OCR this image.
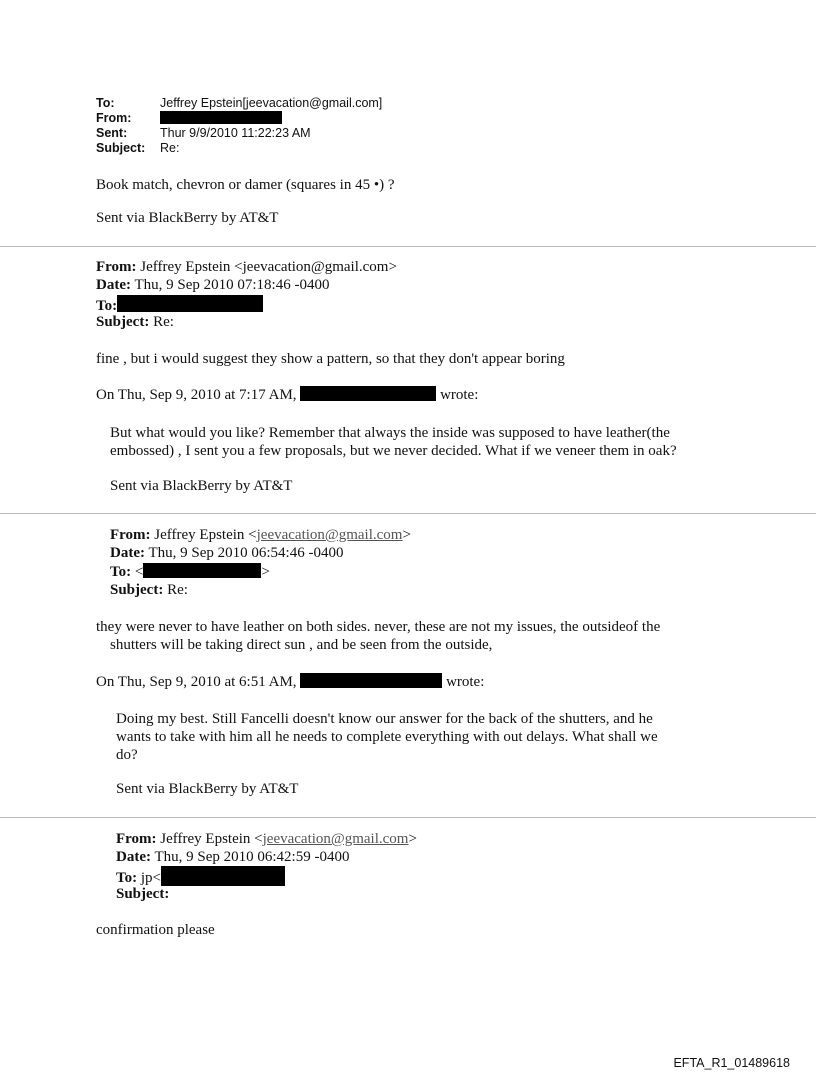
To:	Jeffrey Epstein[jeevacation@gmail.com]
From:
Sent:	Thur 9/9/2010 11:22:23 AM
Subject:	Re:
Book match, chevron or damer (squares in 45 •) ?
Sent via BlackBerry by AT&T
From: Jeffrey Epstein <jeevacation@gmail.com>
Date: Thu, 9 Sep 2010 07:18:46 -0400
To:
Subject: Re:
fine , but i would suggest they show a pattern, so that they don't appear boring
On Thu, Sep 9, 2010 at 7:17 AM,	wrote:
But what would you like? Remember that always the inside was supposed to have leather(the
embossed) , I sent you a few proposals, but we never decided. What if we veneer them in oak?
Sent via BlackBerry by AT&T
From: Jeffrey Epstein <jeevacation@gmail.com>
Date: Thu, 9 Sep 2010 06:54:46 -0400
To: <	>
Subject: Re:
they were never to have leather on both sides. never, these are not my issues, the outsideof the
shutters will be taking direct sun , and be seen from the outside,
On Thu, Sep 9, 2010 at 6:51 AM,	wrote:
Doing my best. Still Fancelli doesn't know our answer for the back of the shutters, and he
wants to take with him all he needs to complete everything with out delays. What shall we
do?
Sent via BlackBerry by AT&T
From: Jeffrey Epstein <jeevacation@gmail.com>
Date: Thu, 9 Sep 2010 06:42:59 -0400
To: jp<
Subject:
confirmation please
EFTA_R1_01489618
